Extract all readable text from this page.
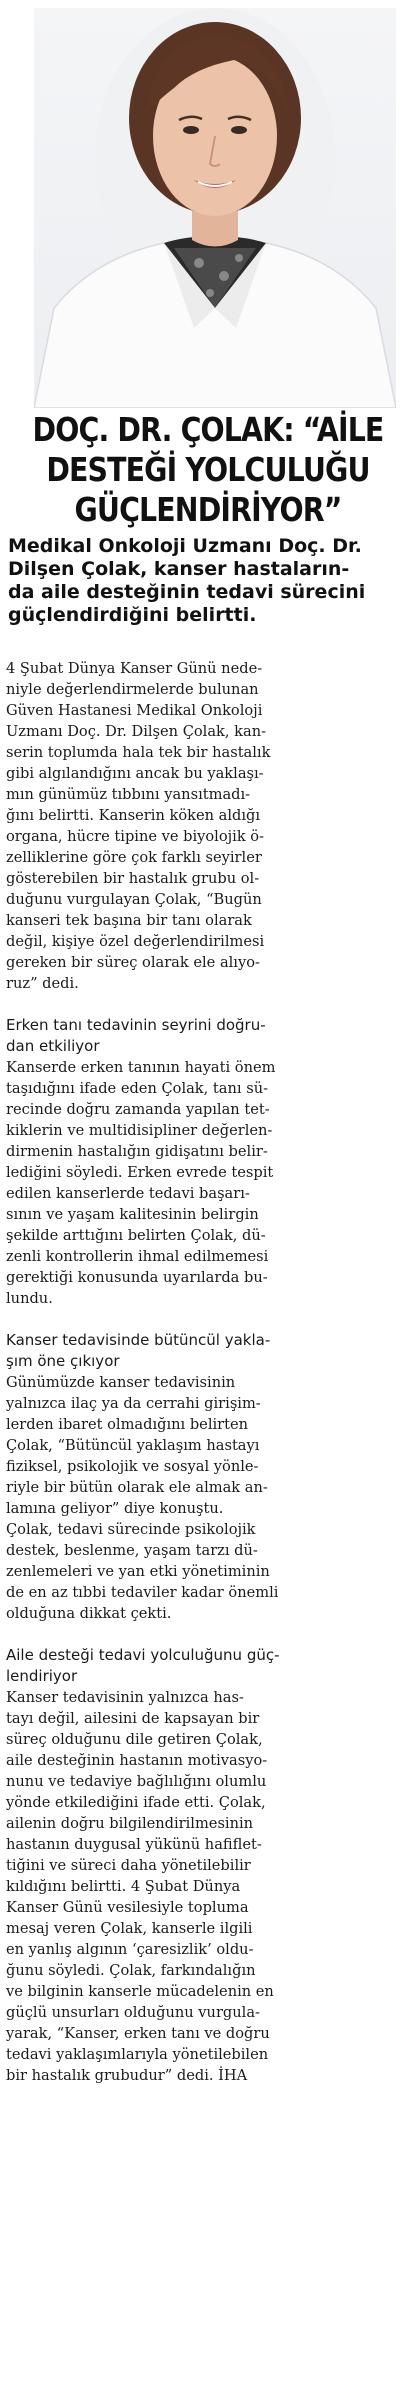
DOÇ. DR. ÇOLAK: “AİLE
DESTEĞİ YOLCULUĞU
GÜÇLENDİRİYOR”
Medikal Onkoloji Uzmanı Doç. Dr.
Dilşen Çolak, kanser hastaların-
da aile desteğinin tedavi sürecini
güçlendirdiğini belirtti.
4 Şubat Dünya Kanser Günü nede-
niyle değerlendirmelerde bulunan
Güven Hastanesi Medikal Onkoloji
Uzmanı Doç. Dr. Dilşen Çolak, kan-
serin toplumda hala tek bir hastalık
gibi algılandığını ancak bu yaklaşı-
mın günümüz tıbbını yansıtmadı-
ğını belirtti. Kanserin köken aldığı
organa, hücre tipine ve biyolojik ö-
zelliklerine göre çok farklı seyirler
gösterebilen bir hastalık grubu ol-
duğunu vurgulayan Çolak, “Bugün
kanseri tek başına bir tanı olarak
değil, kişiye özel değerlendirilmesi
gereken bir süreç olarak ele alıyo-
ruz” dedi.
Erken tanı tedavinin seyrini doğru-
dan etkiliyor
Kanserde erken tanının hayati önem
taşıdığını ifade eden Çolak, tanı sü-
recinde doğru zamanda yapılan tet-
kiklerin ve multidisipliner değerlen-
dirmenin hastalığın gidişatını belir-
lediğini söyledi. Erken evrede tespit
edilen kanserlerde tedavi başarı-
sının ve yaşam kalitesinin belirgin
şekilde arttığını belirten Çolak, dü-
zenli kontrollerin ihmal edilmemesi
gerektiği konusunda uyarılarda bu-
lundu.
Kanser tedavisinde bütüncül yakla-
şım öne çıkıyor
Günümüzde kanser tedavisinin
yalnızca ilaç ya da cerrahi girişim-
lerden ibaret olmadığını belirten
Çolak, “Bütüncül yaklaşım hastayı
fiziksel, psikolojik ve sosyal yönle-
riyle bir bütün olarak ele almak an-
lamına geliyor” diye konuştu.
Çolak, tedavi sürecinde psikolojik
destek, beslenme, yaşam tarzı dü-
zenlemeleri ve yan etki yönetiminin
de en az tıbbi tedaviler kadar önemli
olduğuna dikkat çekti.
Aile desteği tedavi yolculuğunu güç-
lendiriyor
Kanser tedavisinin yalnızca has-
tayı değil, ailesini de kapsayan bir
süreç olduğunu dile getiren Çolak,
aile desteğinin hastanın motivasyo-
nunu ve tedaviye bağlılığını olumlu
yönde etkilediğini ifade etti. Çolak,
ailenin doğru bilgilendirilmesinin
hastanın duygusal yükünü hafiflet-
tiğini ve süreci daha yönetilebilir
kıldığını belirtti. 4 Şubat Dünya
Kanser Günü vesilesiyle topluma
mesaj veren Çolak, kanserle ilgili
en yanlış algının ‘çaresizlik’ oldu-
ğunu söyledi. Çolak, farkındalığın
ve bilginin kanserle mücadelenin en
güçlü unsurları olduğunu vurgula-
yarak, “Kanser, erken tanı ve doğru
tedavi yaklaşımlarıyla yönetilebilen
bir hastalık grubudur” dedi. İHA
